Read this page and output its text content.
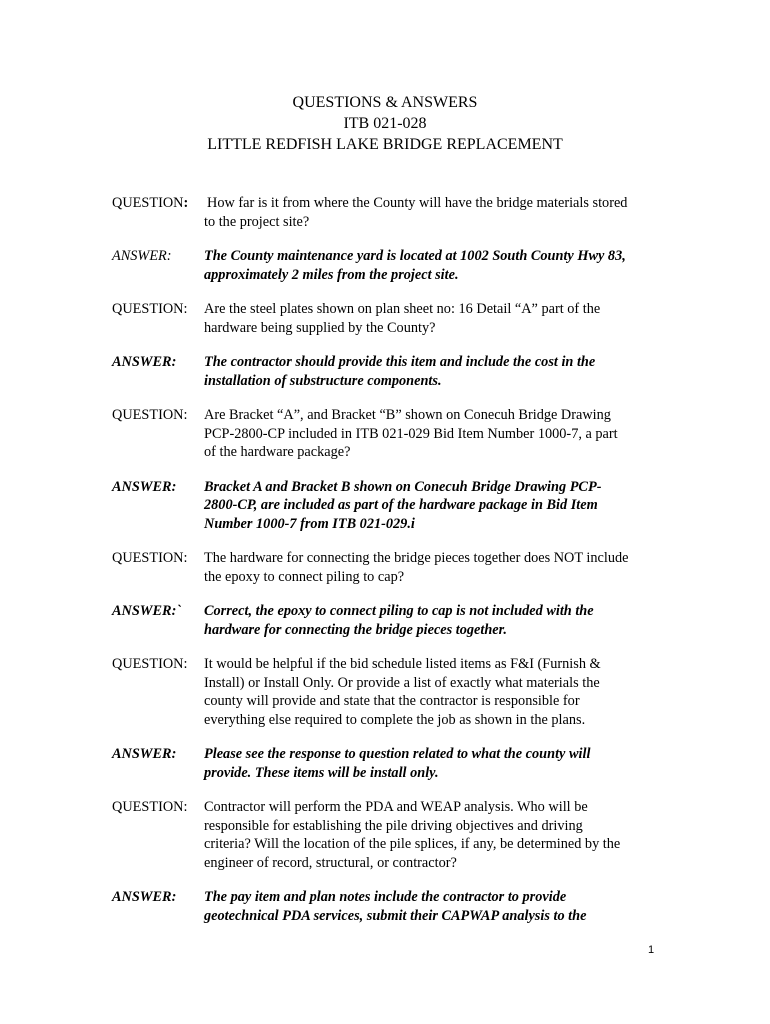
QUESTIONS & ANSWERS
ITB 021-028
LITTLE REDFISH LAKE BRIDGE REPLACEMENT
QUESTION:	How far is it from where the County will have the bridge materials stored
to the project site?
ANSWER:	The County maintenance yard is located at 1002 South County Hwy 83,
approximately 2 miles from the project site.
QUESTION:	Are the steel plates shown on plan sheet no: 16 Detail “A” part of the
hardware being supplied by the County?
ANSWER:	The contractor should provide this item and include the cost in the
installation of substructure components.
QUESTION:	Are Bracket “A”, and Bracket “B” shown on Conecuh Bridge Drawing
PCP-2800-CP included in ITB 021-029 Bid Item Number 1000-7, a part
of the hardware package?
ANSWER:	Bracket A and Bracket B shown on Conecuh Bridge Drawing PCP-
2800-CP, are included as part of the hardware package in Bid Item
Number 1000-7 from ITB 021-029.i
QUESTION:	The hardware for connecting the bridge pieces together does NOT include
the epoxy to connect piling to cap?
ANSWER:`	Correct, the epoxy to connect piling to cap is not included with the
hardware for connecting the bridge pieces together.
QUESTION:	It would be helpful if the bid schedule listed items as F&I (Furnish &
Install) or Install Only. Or provide a list of exactly what materials the
county will provide and state that the contractor is responsible for
everything else required to complete the job as shown in the plans.
ANSWER:	Please see the response to question related to what the county will
provide. These items will be install only.
QUESTION:	Contractor will perform the PDA and WEAP analysis. Who will be
responsible for establishing the pile driving objectives and driving
criteria? Will the location of the pile splices, if any, be determined by the
engineer of record, structural, or contractor?
ANSWER:	The pay item and plan notes include the contractor to provide
geotechnical PDA services, submit their CAPWAP analysis to the
1
